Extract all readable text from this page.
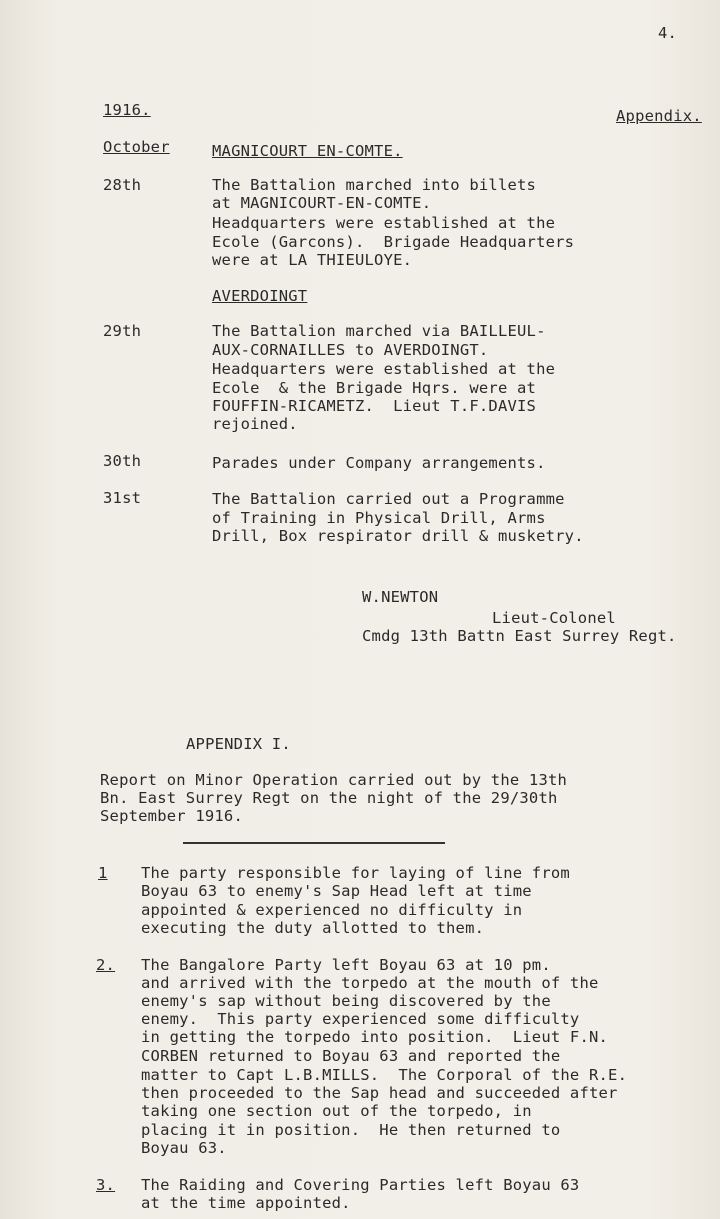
4.
1916.	Appendix.
October	MAGNICOURT EN-COMTE.
28th	The Battalion marched into billets
at MAGNICOURT-EN-COMTE.
Headquarters were established at the
Ecole (Garcons).  Brigade Headquarters
were at LA THIEULOYE.
AVERDOINGT
29th	The Battalion marched via BAILLEUL-
AUX-CORNAILLES to AVERDOINGT.
Headquarters were established at the
Ecole  & the Brigade Hqrs. were at
FOUFFIN-RICAMETZ.  Lieut T.F.DAVIS
rejoined.
30th	Parades under Company arrangements.
31st	The Battalion carried out a Programme
of Training in Physical Drill, Arms
Drill, Box respirator drill & musketry.
W.NEWTON
Lieut-Colonel
Cmdg 13th Battn East Surrey Regt.
APPENDIX I.
Report on Minor Operation carried out by the 13th
Bn. East Surrey Regt on the night of the 29/30th
September 1916.
1 The party responsible for laying of line from
Boyau 63 to enemy's Sap Head left at time
appointed & experienced no difficulty in
executing the duty allotted to them.
2. The Bangalore Party left Boyau 63 at 10 pm.
and arrived with the torpedo at the mouth of the
enemy's sap without being discovered by the
enemy.  This party experienced some difficulty
in getting the torpedo into position.  Lieut F.N.
CORBEN returned to Boyau 63 and reported the
matter to Capt L.B.MILLS.  The Corporal of the R.E.
then proceeded to the Sap head and succeeded after
taking one section out of the torpedo, in
placing it in position.  He then returned to
Boyau 63.
3. The Raiding and Covering Parties left Boyau 63
at the time appointed.
